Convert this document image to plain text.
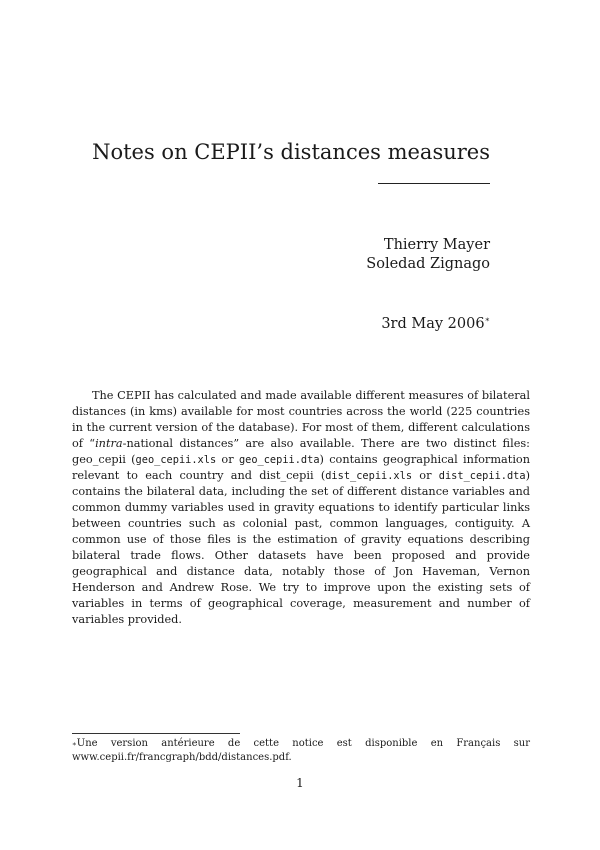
Notes on CEPII’s distances measures
Thierry Mayer
Soledad Zignago
3rd May 2006∗

The CEPII has calculated and made available different measures of bilateral distances (in kms) available for most countries across the world (225 countries in the current version of the database). For most of them, different calculations of “intra-national distances” are also available. There are two distinct files: geo_cepii (geo_cepii.xls or geo_cepii.dta) contains geographical information relevant to each country and dist_cepii (dist_cepii.xls or dist_cepii.dta) contains the bilateral data, including the set of different distance variables and common dummy variables used in gravity equations to identify particular links between countries such as colonial past, common languages, contiguity. A common use of those files is the estimation of gravity equations describing bilateral trade flows. Other datasets have been proposed and provide geographical and distance data, notably those of Jon Haveman, Vernon Henderson and Andrew Rose. We try to improve upon the existing sets of variables in terms of geographical coverage, measurement and number of variables provided.

∗Une version antérieure de cette notice est disponible en Français sur www.cepii.fr/francgraph/bdd/distances.pdf.

1
